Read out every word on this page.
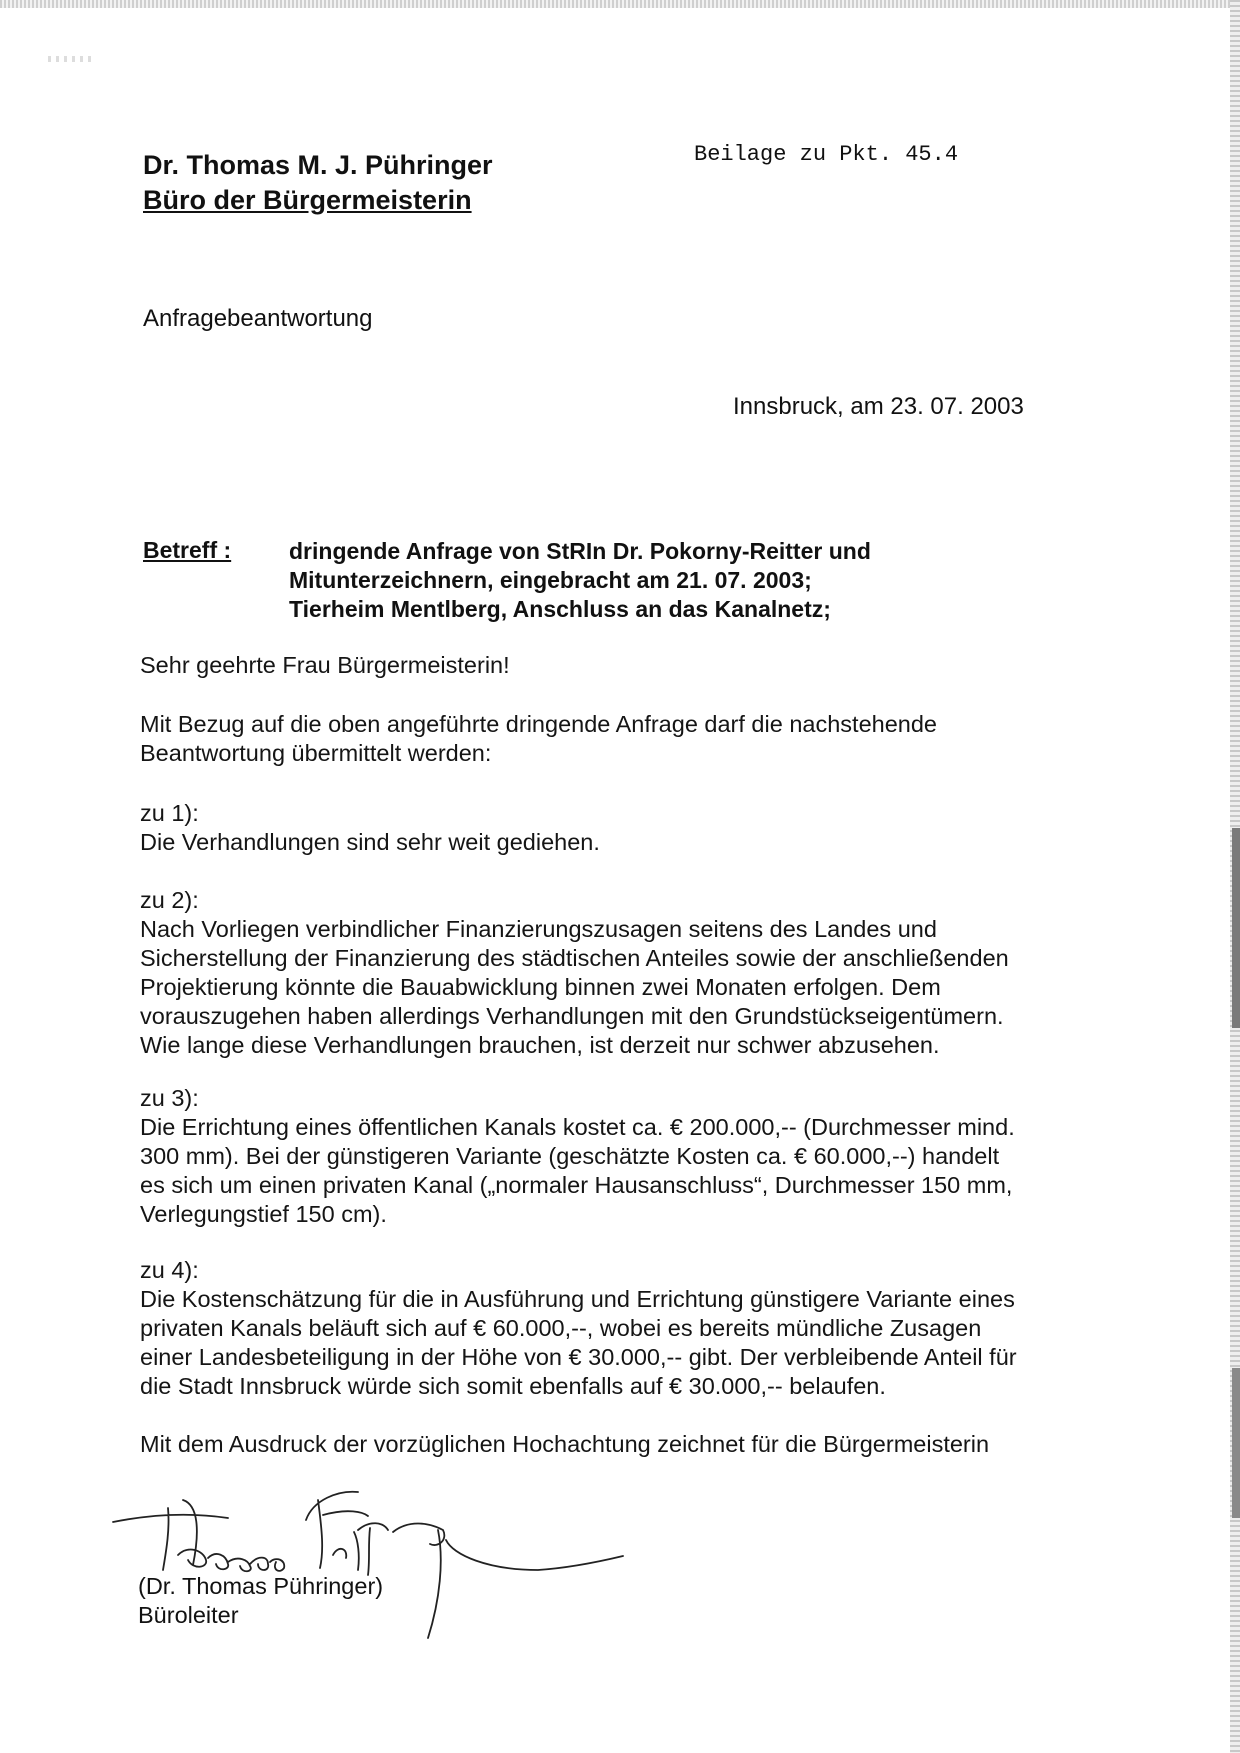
Dr. Thomas M. J. Pühringer
Büro der Bürgermeisterin
Beilage zu Pkt. 45.4
Anfragebeantwortung
Innsbruck, am 23. 07. 2003
Betreff :	dringende Anfrage von StRIn Dr. Pokorny-Reitter und
Mitunterzeichnern, eingebracht am 21. 07. 2003;
Tierheim Mentlberg, Anschluss an das Kanalnetz;
Sehr geehrte Frau Bürgermeisterin!
Mit Bezug auf die oben angeführte dringende Anfrage darf die nachstehende
Beantwortung übermittelt werden:
zu 1):
Die Verhandlungen sind sehr weit gediehen.
zu 2):
Nach Vorliegen verbindlicher Finanzierungszusagen seitens des Landes und
Sicherstellung der Finanzierung des städtischen Anteiles sowie der anschließenden
Projektierung könnte die Bauabwicklung binnen zwei Monaten erfolgen. Dem
vorauszugehen haben allerdings Verhandlungen mit den Grundstückseigentümern.
Wie lange diese Verhandlungen brauchen, ist derzeit nur schwer abzusehen.
zu 3):
Die Errichtung eines öffentlichen Kanals kostet ca. € 200.000,-- (Durchmesser mind.
300 mm). Bei der günstigeren Variante (geschätzte Kosten ca. € 60.000,--) handelt
es sich um einen privaten Kanal („normaler Hausanschluss“, Durchmesser 150 mm,
Verlegungstief 150 cm).
zu 4):
Die Kostenschätzung für die in Ausführung und Errichtung günstigere Variante eines
privaten Kanals beläuft sich auf € 60.000,--, wobei es bereits mündliche Zusagen
einer Landesbeteiligung in der Höhe von € 30.000,-- gibt. Der verbleibende Anteil für
die Stadt Innsbruck würde sich somit ebenfalls auf € 30.000,-- belaufen.
Mit dem Ausdruck der vorzüglichen Hochachtung zeichnet für die Bürgermeisterin
(Dr. Thomas Pühringer)
Büroleiter
